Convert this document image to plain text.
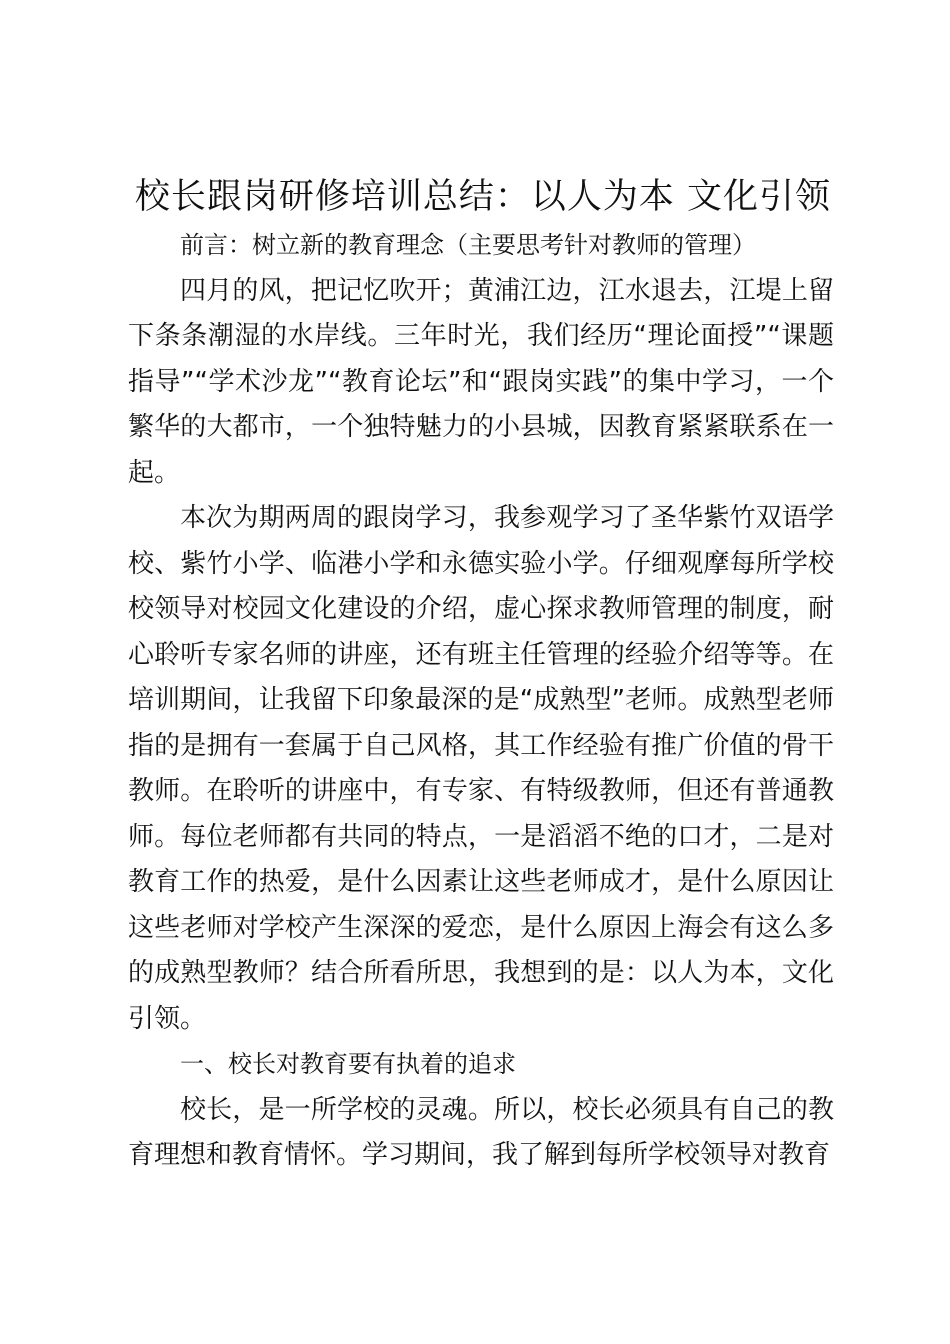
校长跟岗研修培训总结：以人为本 文化引领

前言：树立新的教育理念（主要思考针对教师的管理）

四月的风，把记忆吹开；黄浦江边，江水退去，江堤上留下条条潮湿的水岸线。三年时光，我们经历“理论面授”“课题指导”“学术沙龙”“教育论坛”和“跟岗实践”的集中学习，一个繁华的大都市，一个独特魅力的小县城，因教育紧紧联系在一起。

本次为期两周的跟岗学习，我参观学习了圣华紫竹双语学校、紫竹小学、临港小学和永德实验小学。仔细观摩每所学校校领导对校园文化建设的介绍，虚心探求教师管理的制度，耐心聆听专家名师的讲座，还有班主任管理的经验介绍等等。在培训期间，让我留下印象最深的是“成熟型”老师。成熟型老师指的是拥有一套属于自己风格，其工作经验有推广价值的骨干教师。在聆听的讲座中，有专家、有特级教师，但还有普通教师。每位老师都有共同的特点，一是滔滔不绝的口才，二是对教育工作的热爱，是什么因素让这些老师成才，是什么原因让这些老师对学校产生深深的爱恋，是什么原因上海会有这么多的成熟型教师？结合所看所思，我想到的是：以人为本，文化引领。

一、校长对教育要有执着的追求

校长，是一所学校的灵魂。所以，校长必须具有自己的教育理想和教育情怀。学习期间，我了解到每所学校领导对教育
